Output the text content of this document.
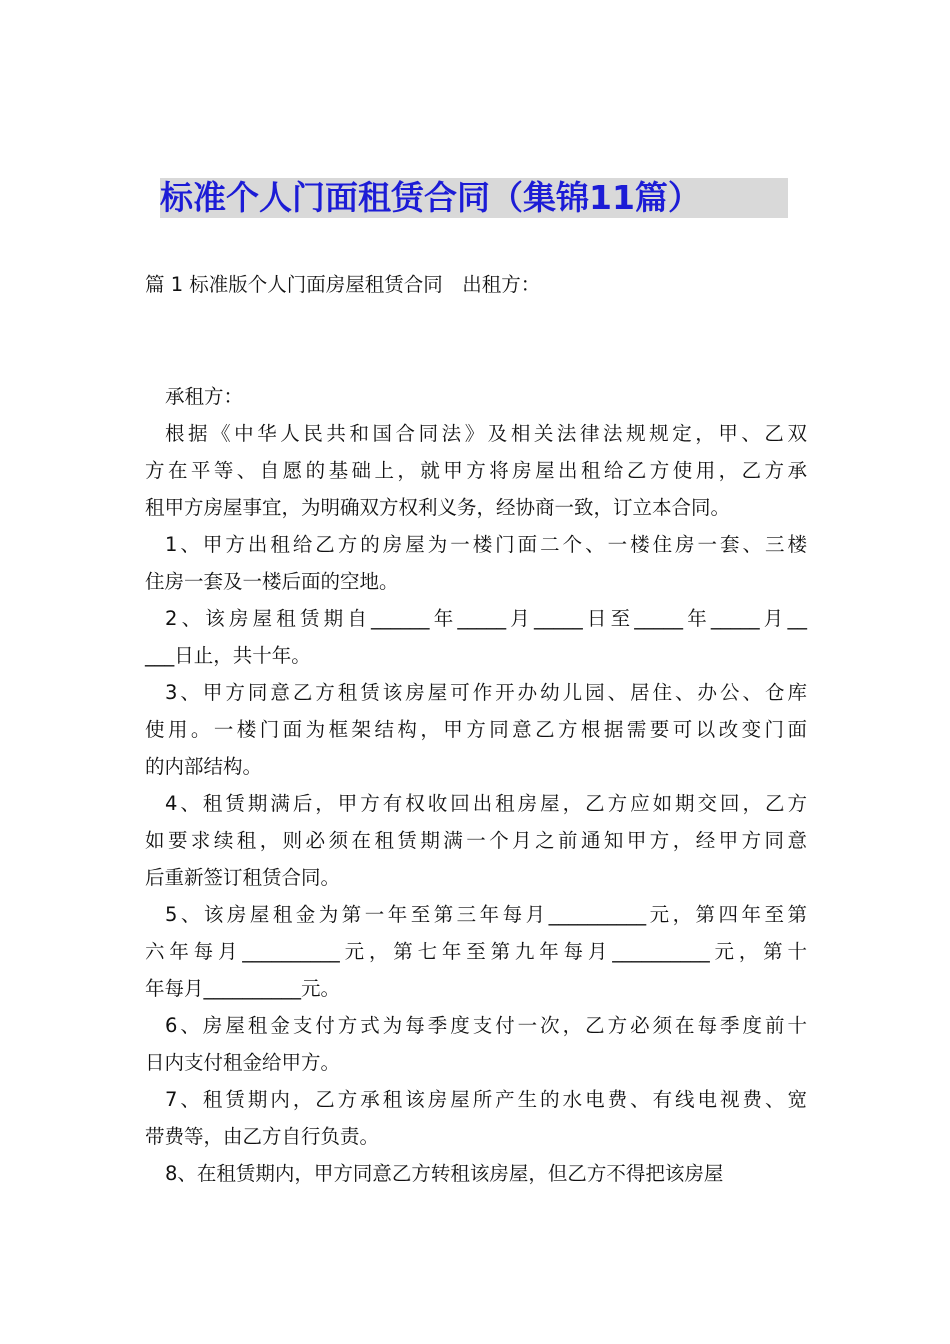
标准个人门面租赁合同（集锦11篇）
篇 1 标准版个人门面房屋租赁合同　出租方：
承租方：
根据《中华人民共和国合同法》及相关法律法规规定，甲、乙双
方在平等、自愿的基础上，就甲方将房屋出租给乙方使用，乙方承
租甲方房屋事宜，为明确双方权利义务，经协商一致，订立本合同。
1、甲方出租给乙方的房屋为一楼门面二个、一楼住房一套、三楼
住房一套及一楼后面的空地。
2、该房屋租赁期自______年_____月_____日至_____年_____月__
___日止，共十年。
3、甲方同意乙方租赁该房屋可作开办幼儿园、居住、办公、仓库
使用。一楼门面为框架结构，甲方同意乙方根据需要可以改变门面
的内部结构。
4、租赁期满后，甲方有权收回出租房屋，乙方应如期交回，乙方
如要求续租，则必须在租赁期满一个月之前通知甲方，经甲方同意
后重新签订租赁合同。
5、该房屋租金为第一年至第三年每月__________元，第四年至第
六年每月__________元，第七年至第九年每月__________元，第十
年每月__________元。
6、房屋租金支付方式为每季度支付一次，乙方必须在每季度前十
日内支付租金给甲方。
7、租赁期内，乙方承租该房屋所产生的水电费、有线电视费、宽
带费等，由乙方自行负责。
8、在租赁期内，甲方同意乙方转租该房屋，但乙方不得把该房屋
